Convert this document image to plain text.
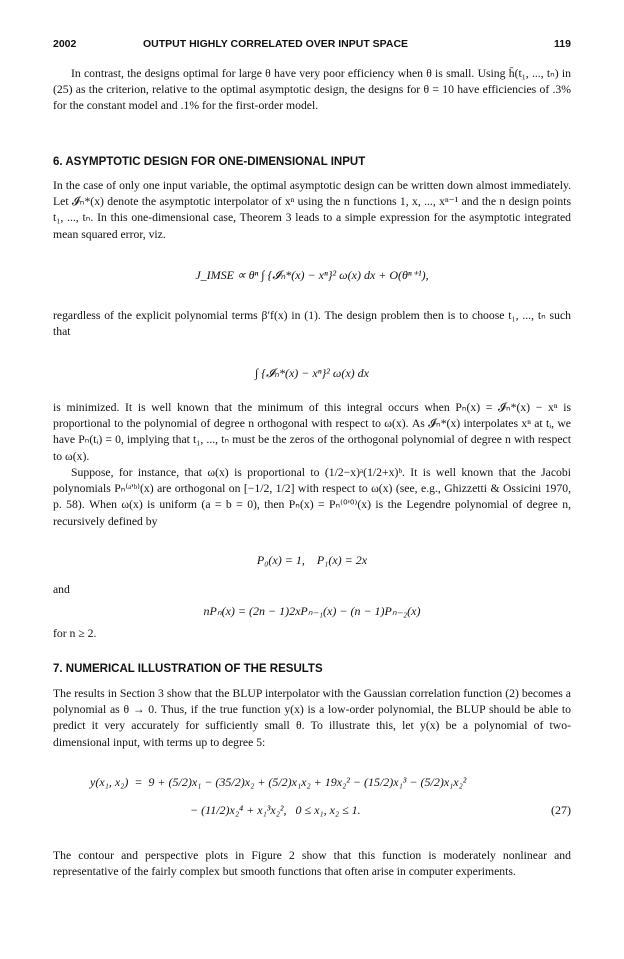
2002	OUTPUT HIGHLY CORRELATED OVER INPUT SPACE	119

In contrast, the designs optimal for large θ have very poor efficiency when θ is small. Using h̄(t₁, ..., tₙ) in (25) as the criterion, relative to the optimal asymptotic design, the designs for θ = 10 have efficiencies of .3% for the constant model and .1% for the first-order model.

6. ASYMPTOTIC DESIGN FOR ONE-DIMENSIONAL INPUT

In the case of only one input variable, the optimal asymptotic design can be written down almost immediately. Let 𝓘ₙ*(x) denote the asymptotic interpolator of xⁿ using the n functions 1, x, ..., xⁿ⁻¹ and the n design points t₁, ..., tₙ. In this one-dimensional case, Theorem 3 leads to a simple expression for the asymptotic integrated mean squared error, viz.

J_IMSE ∝ θⁿ ∫ {𝓘ₙ*(x) − xⁿ}² ω(x) dx + O(θⁿ⁺¹),

regardless of the explicit polynomial terms β′f(x) in (1). The design problem then is to choose t₁, ..., tₙ such that

∫ {𝓘ₙ*(x) − xⁿ}² ω(x) dx

is minimized. It is well known that the minimum of this integral occurs when Pₙ(x) = 𝓘ₙ*(x) − xⁿ is proportional to the polynomial of degree n orthogonal with respect to ω(x). As 𝓘ₙ*(x) interpolates xⁿ at tᵢ, we have Pₙ(tᵢ) = 0, implying that t₁, ..., tₙ must be the zeros of the orthogonal polynomial of degree n with respect to ω(x).

Suppose, for instance, that ω(x) is proportional to (1/2−x)ᵃ(1/2+x)ᵇ. It is well known that the Jacobi polynomials Pₙ⁽ᵃ'ᵇ⁾(x) are orthogonal on [−1/2, 1/2] with respect to ω(x) (see, e.g., Ghizzetti & Ossicini 1970, p. 58). When ω(x) is uniform (a = b = 0), then Pₙ(x) = Pₙ⁽⁰'⁰⁾(x) is the Legendre polynomial of degree n, recursively defined by

P₀(x) = 1,    P₁(x) = 2x

and

nPₙ(x) = (2n − 1)2xPₙ₋₁(x) − (n − 1)Pₙ₋₂(x)

for n ≥ 2.

7. NUMERICAL ILLUSTRATION OF THE RESULTS

The results in Section 3 show that the BLUP interpolator with the Gaussian correlation function (2) becomes a polynomial as θ → 0. Thus, if the true function y(x) is a low-order polynomial, the BLUP should be able to predict it very accurately for sufficiently small θ. To illustrate this, let y(x) be a polynomial of two-dimensional input, with terms up to degree 5:

y(x₁, x₂)  =  9 + (5/2)x₁ − (35/2)x₂ + (5/2)x₁x₂ + 19x₂² − (15/2)x₁³ − (5/2)x₁x₂²

− (11/2)x₂⁴ + x₁³x₂²,   0 ≤ x₁, x₂ ≤ 1.	(27)

The contour and perspective plots in Figure 2 show that this function is moderately nonlinear and representative of the fairly complex but smooth functions that often arise in computer experiments.
